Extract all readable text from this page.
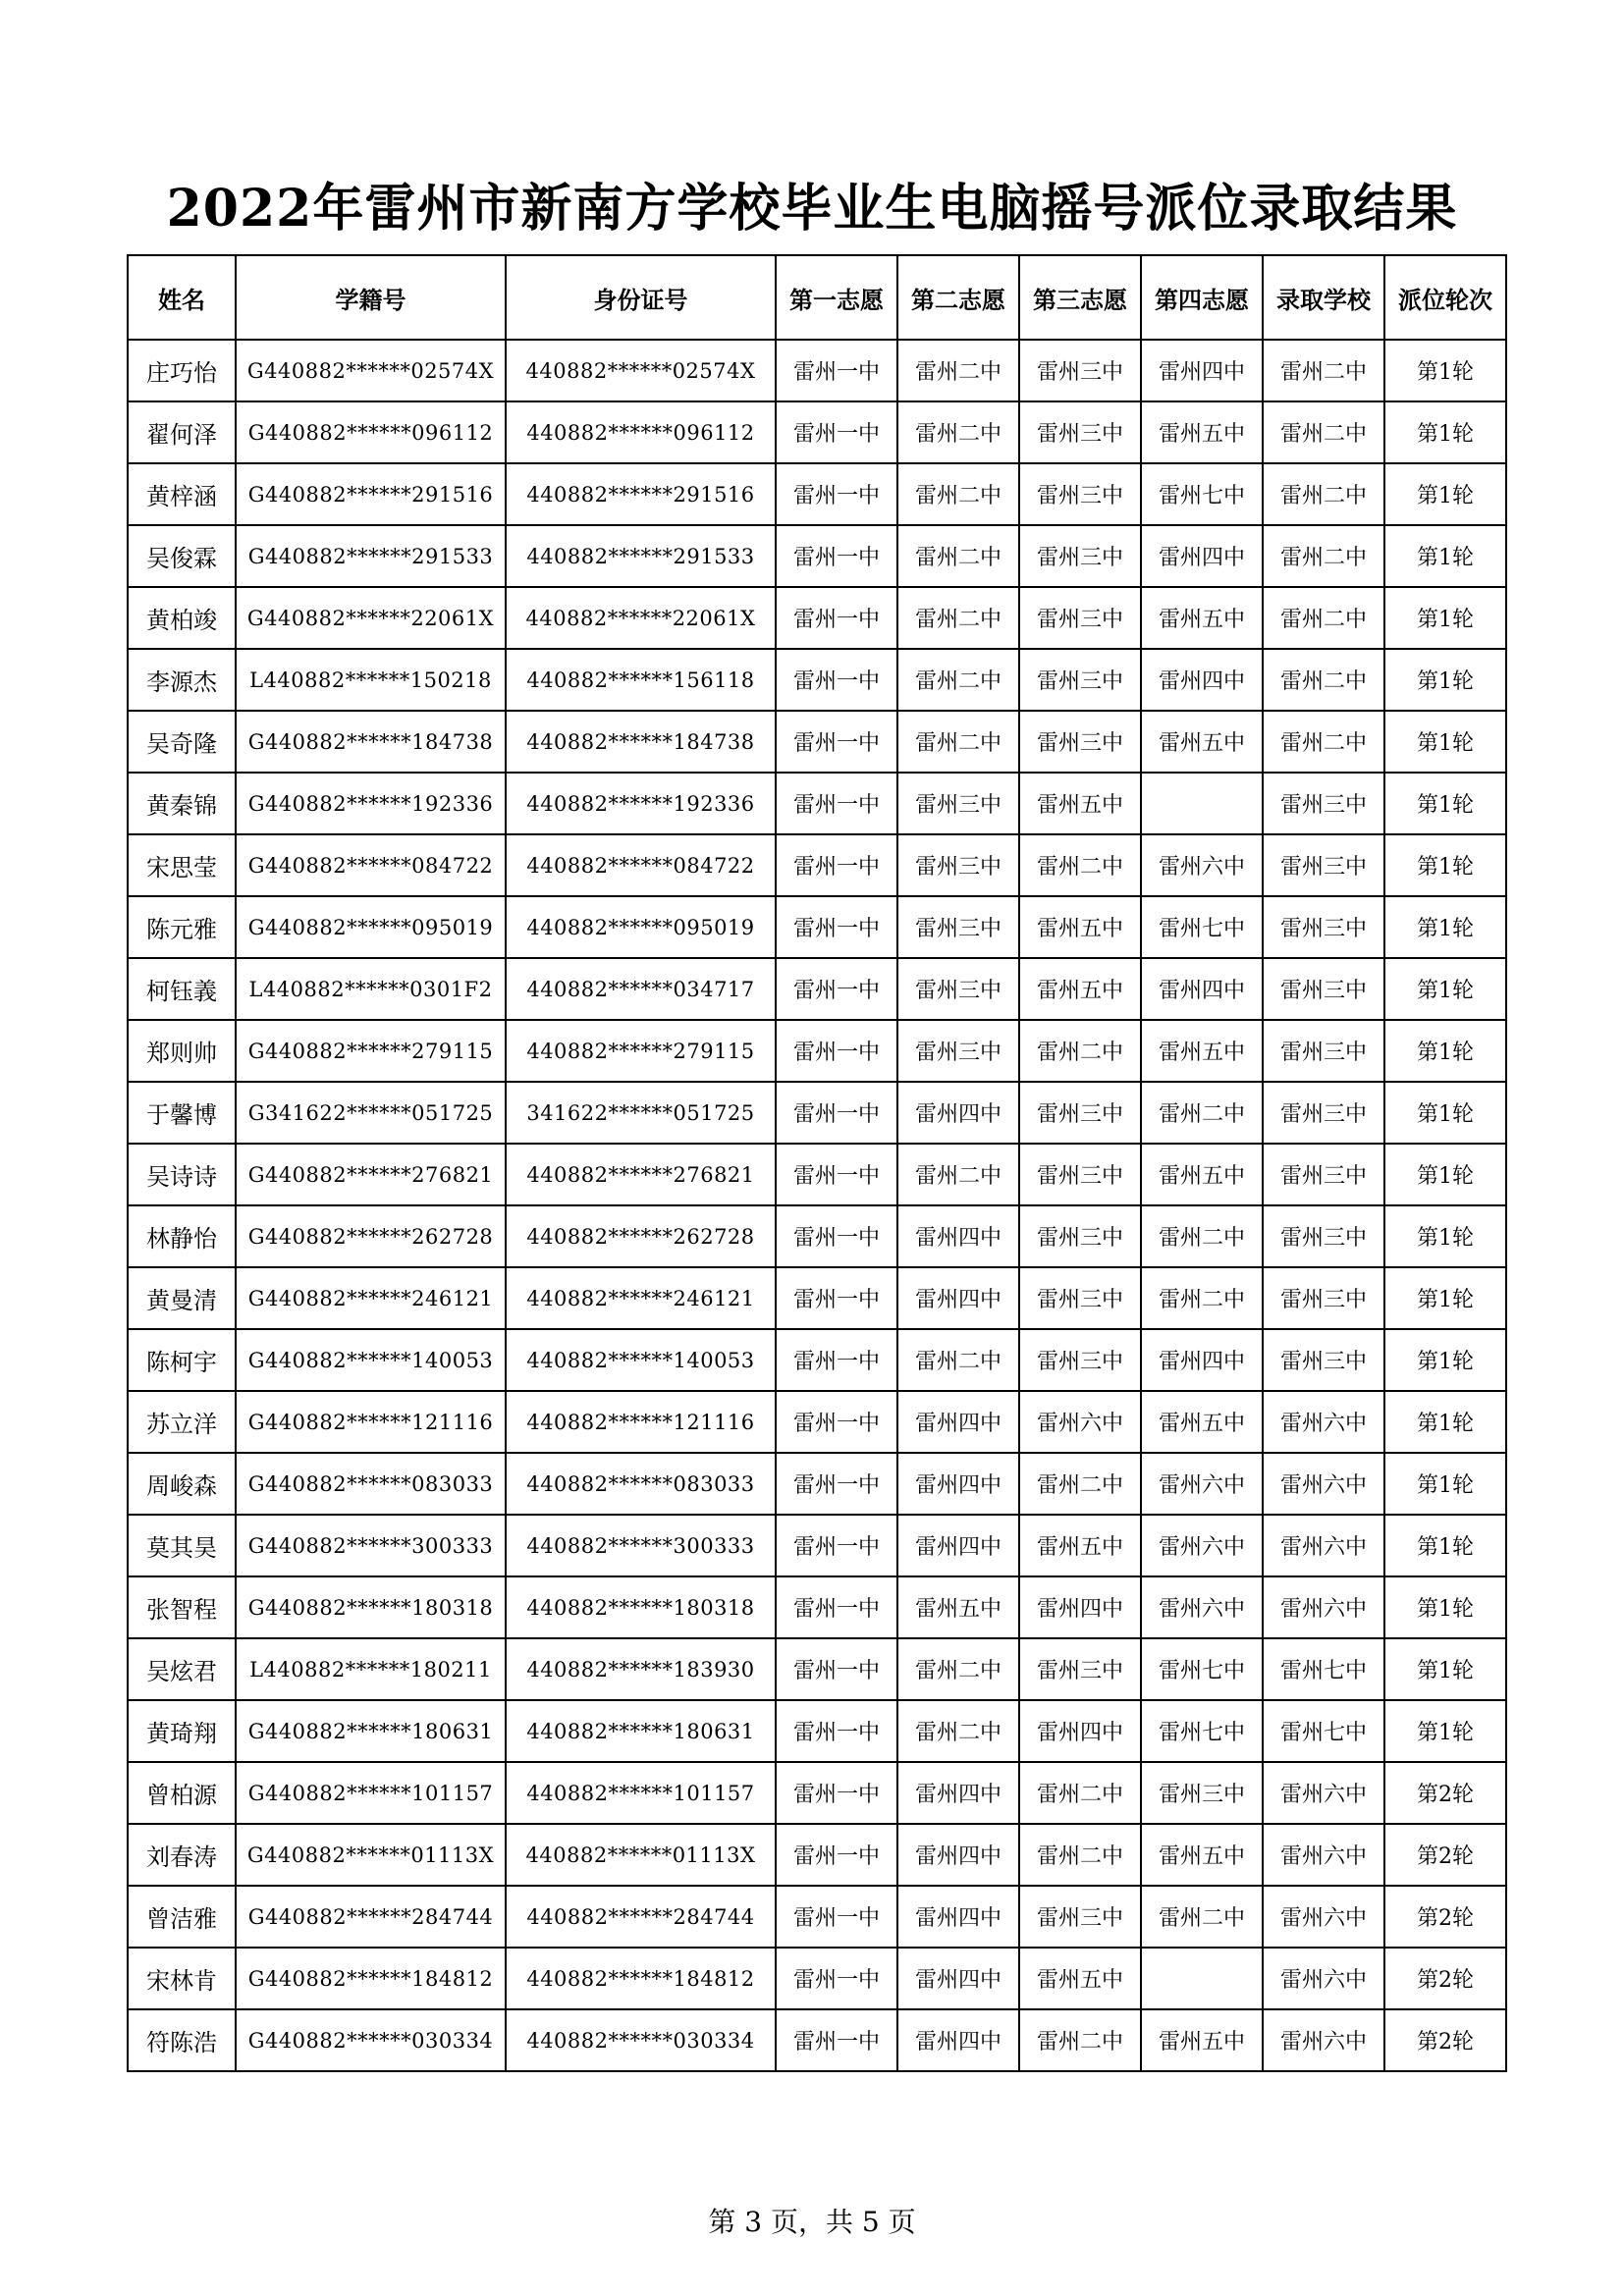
2022年雷州市新南方学校毕业生电脑摇号派位录取结果
姓名	学籍号	身份证号	第一志愿	第二志愿	第三志愿	第四志愿	录取学校	派位轮次
庄巧怡	G440882******02574X	440882******02574X	雷州一中	雷州二中	雷州三中	雷州四中	雷州二中	第1轮
翟何泽	G440882******096112	440882******096112	雷州一中	雷州二中	雷州三中	雷州五中	雷州二中	第1轮
黄梓涵	G440882******291516	440882******291516	雷州一中	雷州二中	雷州三中	雷州七中	雷州二中	第1轮
吴俊霖	G440882******291533	440882******291533	雷州一中	雷州二中	雷州三中	雷州四中	雷州二中	第1轮
黄柏竣	G440882******22061X	440882******22061X	雷州一中	雷州二中	雷州三中	雷州五中	雷州二中	第1轮
李源杰	L440882******150218	440882******156118	雷州一中	雷州二中	雷州三中	雷州四中	雷州二中	第1轮
吴奇隆	G440882******184738	440882******184738	雷州一中	雷州二中	雷州三中	雷州五中	雷州二中	第1轮
黄秦锦	G440882******192336	440882******192336	雷州一中	雷州三中	雷州五中		雷州三中	第1轮
宋思莹	G440882******084722	440882******084722	雷州一中	雷州三中	雷州二中	雷州六中	雷州三中	第1轮
陈元雅	G440882******095019	440882******095019	雷州一中	雷州三中	雷州五中	雷州七中	雷州三中	第1轮
柯钰義	L440882******0301F2	440882******034717	雷州一中	雷州三中	雷州五中	雷州四中	雷州三中	第1轮
郑则帅	G440882******279115	440882******279115	雷州一中	雷州三中	雷州二中	雷州五中	雷州三中	第1轮
于馨博	G341622******051725	341622******051725	雷州一中	雷州四中	雷州三中	雷州二中	雷州三中	第1轮
吴诗诗	G440882******276821	440882******276821	雷州一中	雷州二中	雷州三中	雷州五中	雷州三中	第1轮
林静怡	G440882******262728	440882******262728	雷州一中	雷州四中	雷州三中	雷州二中	雷州三中	第1轮
黄曼清	G440882******246121	440882******246121	雷州一中	雷州四中	雷州三中	雷州二中	雷州三中	第1轮
陈柯宇	G440882******140053	440882******140053	雷州一中	雷州二中	雷州三中	雷州四中	雷州三中	第1轮
苏立洋	G440882******121116	440882******121116	雷州一中	雷州四中	雷州六中	雷州五中	雷州六中	第1轮
周峻森	G440882******083033	440882******083033	雷州一中	雷州四中	雷州二中	雷州六中	雷州六中	第1轮
莫其昊	G440882******300333	440882******300333	雷州一中	雷州四中	雷州五中	雷州六中	雷州六中	第1轮
张智程	G440882******180318	440882******180318	雷州一中	雷州五中	雷州四中	雷州六中	雷州六中	第1轮
吴炫君	L440882******180211	440882******183930	雷州一中	雷州二中	雷州三中	雷州七中	雷州七中	第1轮
黄琦翔	G440882******180631	440882******180631	雷州一中	雷州二中	雷州四中	雷州七中	雷州七中	第1轮
曾柏源	G440882******101157	440882******101157	雷州一中	雷州四中	雷州二中	雷州三中	雷州六中	第2轮
刘春涛	G440882******01113X	440882******01113X	雷州一中	雷州四中	雷州二中	雷州五中	雷州六中	第2轮
曾洁雅	G440882******284744	440882******284744	雷州一中	雷州四中	雷州三中	雷州二中	雷州六中	第2轮
宋林肯	G440882******184812	440882******184812	雷州一中	雷州四中	雷州五中		雷州六中	第2轮
符陈浩	G440882******030334	440882******030334	雷州一中	雷州四中	雷州二中	雷州五中	雷州六中	第2轮
第 3 页，共 5 页
